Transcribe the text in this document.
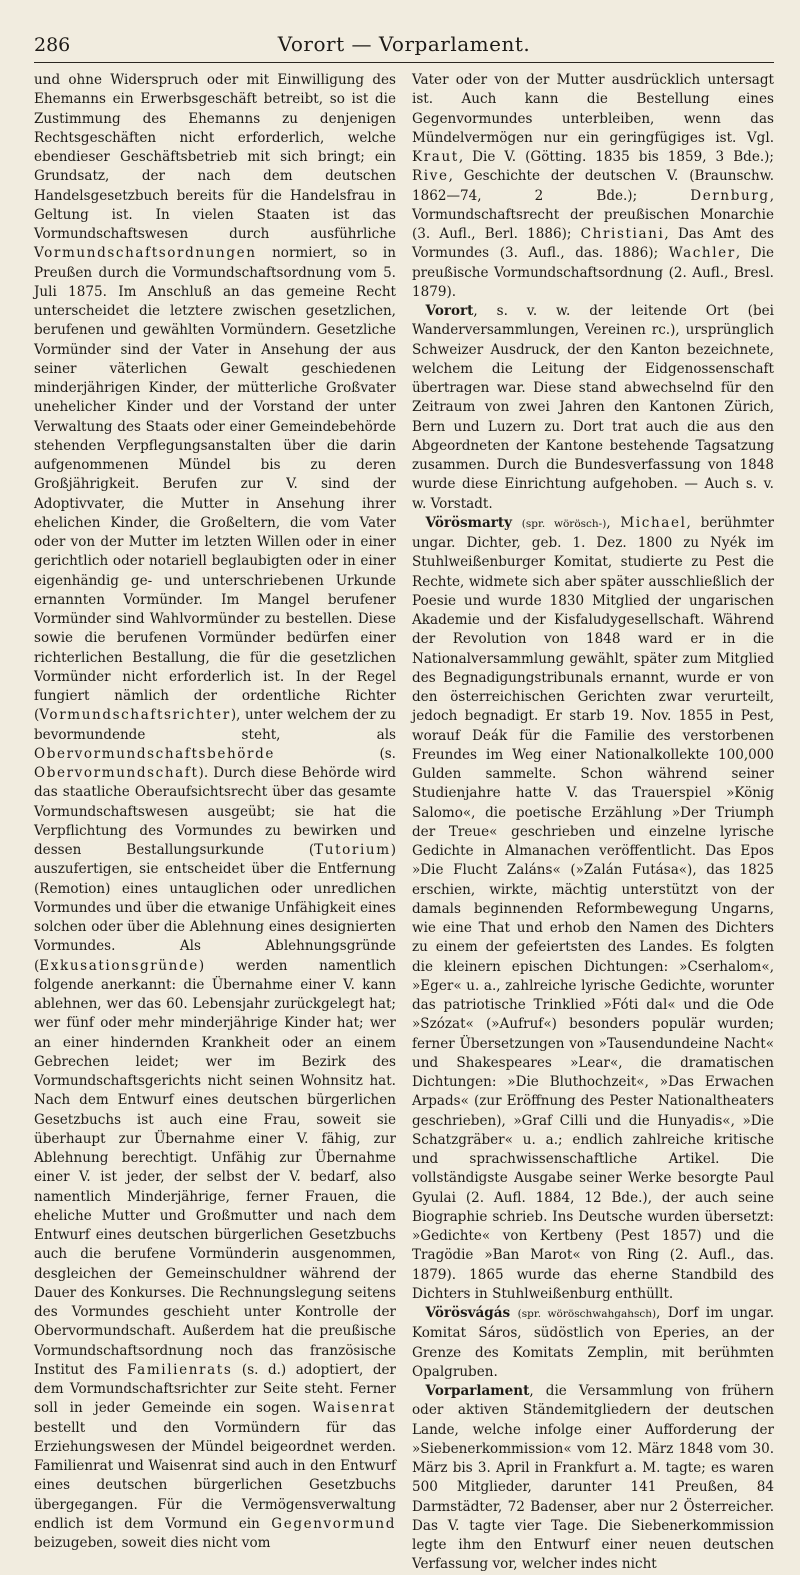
286	Vorort — Vorparlament.

und ohne Widerspruch oder mit Einwilligung des Ehemanns ein Erwerbsgeschäft betreibt, so ist die Zustimmung des Ehemanns zu denjenigen Rechtsgeschäften nicht erforderlich, welche ebendieser Geschäftsbetrieb mit sich bringt; ein Grundsatz, der nach dem deutschen Handelsgesetzbuch bereits für die Handelsfrau in Geltung ist. In vielen Staaten ist das Vormundschaftswesen durch ausführliche Vormundschaftsordnungen normiert, so in Preußen durch die Vormundschaftsordnung vom 5. Juli 1875. Im Anschluß an das gemeine Recht unterscheidet die letztere zwischen gesetzlichen, berufenen und gewählten Vormündern. Gesetzliche Vormünder sind der Vater in Ansehung der aus seiner väterlichen Gewalt geschiedenen minderjährigen Kinder, der mütterliche Großvater unehelicher Kinder und der Vorstand der unter Verwaltung des Staats oder einer Gemeindebehörde stehenden Verpflegungsanstalten über die darin aufgenommenen Mündel bis zu deren Großjährigkeit. Berufen zur V. sind der Adoptivvater, die Mutter in Ansehung ihrer ehelichen Kinder, die Großeltern, die vom Vater oder von der Mutter im letzten Willen oder in einer gerichtlich oder notariell beglaubigten oder in einer eigenhändig ge- und unterschriebenen Urkunde ernannten Vormünder. Im Mangel berufener Vormünder sind Wahlvormünder zu bestellen. Diese sowie die berufenen Vormünder bedürfen einer richterlichen Bestallung, die für die gesetzlichen Vormünder nicht erforderlich ist. In der Regel fungiert nämlich der ordentliche Richter (Vormundschaftsrichter), unter welchem der zu bevormundende steht, als Obervormundschaftsbehörde (s. Obervormundschaft). Durch diese Behörde wird das staatliche Oberaufsichtsrecht über das gesamte Vormundschaftswesen ausgeübt; sie hat die Verpflichtung des Vormundes zu bewirken und dessen Bestallungsurkunde (Tutorium) auszufertigen, sie entscheidet über die Entfernung (Remotion) eines untauglichen oder unredlichen Vormundes und über die etwanige Unfähigkeit eines solchen oder über die Ablehnung eines designierten Vormundes. Als Ablehnungsgründe (Exkusationsgründe) werden namentlich folgende anerkannt: die Übernahme einer V. kann ablehnen, wer das 60. Lebensjahr zurückgelegt hat; wer fünf oder mehr minderjährige Kinder hat; wer an einer hindernden Krankheit oder an einem Gebrechen leidet; wer im Bezirk des Vormundschaftsgerichts nicht seinen Wohnsitz hat. Nach dem Entwurf eines deutschen bürgerlichen Gesetzbuchs ist auch eine Frau, soweit sie überhaupt zur Übernahme einer V. fähig, zur Ablehnung berechtigt. Unfähig zur Übernahme einer V. ist jeder, der selbst der V. bedarf, also namentlich Minderjährige, ferner Frauen, die eheliche Mutter und Großmutter und nach dem Entwurf eines deutschen bürgerlichen Gesetzbuchs auch die berufene Vormünderin ausgenommen, desgleichen der Gemeinschuldner während der Dauer des Konkurses. Die Rechnungslegung seitens des Vormundes geschieht unter Kontrolle der Obervormundschaft. Außerdem hat die preußische Vormundschaftsordnung noch das französische Institut des Familienrats (s. d.) adoptiert, der dem Vormundschaftsrichter zur Seite steht. Ferner soll in jeder Gemeinde ein sogen. Waisenrat bestellt und den Vormündern für das Erziehungswesen der Mündel beigeordnet werden. Familienrat und Waisenrat sind auch in den Entwurf eines deutschen bürgerlichen Gesetzbuchs übergegangen. Für die Vermögensverwaltung endlich ist dem Vormund ein Gegenvormund beizugeben, soweit dies nicht vom

Vater oder von der Mutter ausdrücklich untersagt ist. Auch kann die Bestellung eines Gegenvormundes unterbleiben, wenn das Mündelvermögen nur ein geringfügiges ist. Vgl. Kraut, Die V. (Götting. 1835 bis 1859, 3 Bde.); Rive, Geschichte der deutschen V. (Braunschw. 1862—74, 2 Bde.); Dernburg, Vormundschaftsrecht der preußischen Monarchie (3. Aufl., Berl. 1886); Christiani, Das Amt des Vormundes (3. Aufl., das. 1886); Wachler, Die preußische Vormundschaftsordnung (2. Aufl., Bresl. 1879).

 Vorort, s. v. w. der leitende Ort (bei Wanderversammlungen, Vereinen rc.), ursprünglich Schweizer Ausdruck, der den Kanton bezeichnete, welchem die Leitung der Eidgenossenschaft übertragen war. Diese stand abwechselnd für den Zeitraum von zwei Jahren den Kantonen Zürich, Bern und Luzern zu. Dort trat auch die aus den Abgeordneten der Kantone bestehende Tagsatzung zusammen. Durch die Bundesverfassung von 1848 wurde diese Einrichtung aufgehoben. — Auch s. v. w. Vorstadt.

 Vörösmarty (spr. wörösch-), Michael, berühmter ungar. Dichter, geb. 1. Dez. 1800 zu Nyék im Stuhlweißenburger Komitat, studierte zu Pest die Rechte, widmete sich aber später ausschließlich der Poesie und wurde 1830 Mitglied der ungarischen Akademie und der Kisfaludygesellschaft. Während der Revolution von 1848 ward er in die Nationalversammlung gewählt, später zum Mitglied des Begnadigungstribunals ernannt, wurde er von den österreichischen Gerichten zwar verurteilt, jedoch begnadigt. Er starb 19. Nov. 1855 in Pest, worauf Deák für die Familie des verstorbenen Freundes im Weg einer Nationalkollekte 100,000 Gulden sammelte. Schon während seiner Studienjahre hatte V. das Trauerspiel »König Salomo«, die poetische Erzählung »Der Triumph der Treue« geschrieben und einzelne lyrische Gedichte in Almanachen veröffentlicht. Das Epos »Die Flucht Zaláns« (»Zalán Futása«), das 1825 erschien, wirkte, mächtig unterstützt von der damals beginnenden Reformbewegung Ungarns, wie eine That und erhob den Namen des Dichters zu einem der gefeiertsten des Landes. Es folgten die kleinern epischen Dichtungen: »Cserhalom«, »Eger« u. a., zahlreiche lyrische Gedichte, worunter das patriotische Trinklied »Fóti dal« und die Ode »Szózat« (»Aufruf«) besonders populär wurden; ferner Übersetzungen von »Tausendundeine Nacht« und Shakespeares »Lear«, die dramatischen Dichtungen: »Die Bluthochzeit«, »Das Erwachen Arpads« (zur Eröffnung des Pester Nationaltheaters geschrieben), »Graf Cilli und die Hunyadis«, »Die Schatzgräber« u. a.; endlich zahlreiche kritische und sprachwissenschaftliche Artikel. Die vollständigste Ausgabe seiner Werke besorgte Paul Gyulai (2. Aufl. 1884, 12 Bde.), der auch seine Biographie schrieb. Ins Deutsche wurden übersetzt: »Gedichte« von Kertbeny (Pest 1857) und die Tragödie »Ban Marot« von Ring (2. Aufl., das. 1879). 1865 wurde das eherne Standbild des Dichters in Stuhlweißenburg enthüllt.

 Vörösvágás (spr. wöröschwahgahsch), Dorf im ungar. Komitat Sáros, südöstlich von Eperies, an der Grenze des Komitats Zemplin, mit berühmten Opalgruben.

 Vorparlament, die Versammlung von frühern oder aktiven Ständemitgliedern der deutschen Lande, welche infolge einer Aufforderung der »Siebenerkommission« vom 12. März 1848 vom 30. März bis 3. April in Frankfurt a. M. tagte; es waren 500 Mitglieder, darunter 141 Preußen, 84 Darmstädter, 72 Badenser, aber nur 2 Österreicher. Das V. tagte vier Tage. Die Siebenerkommission legte ihm den Entwurf einer neuen deutschen Verfassung vor, welcher indes nicht
